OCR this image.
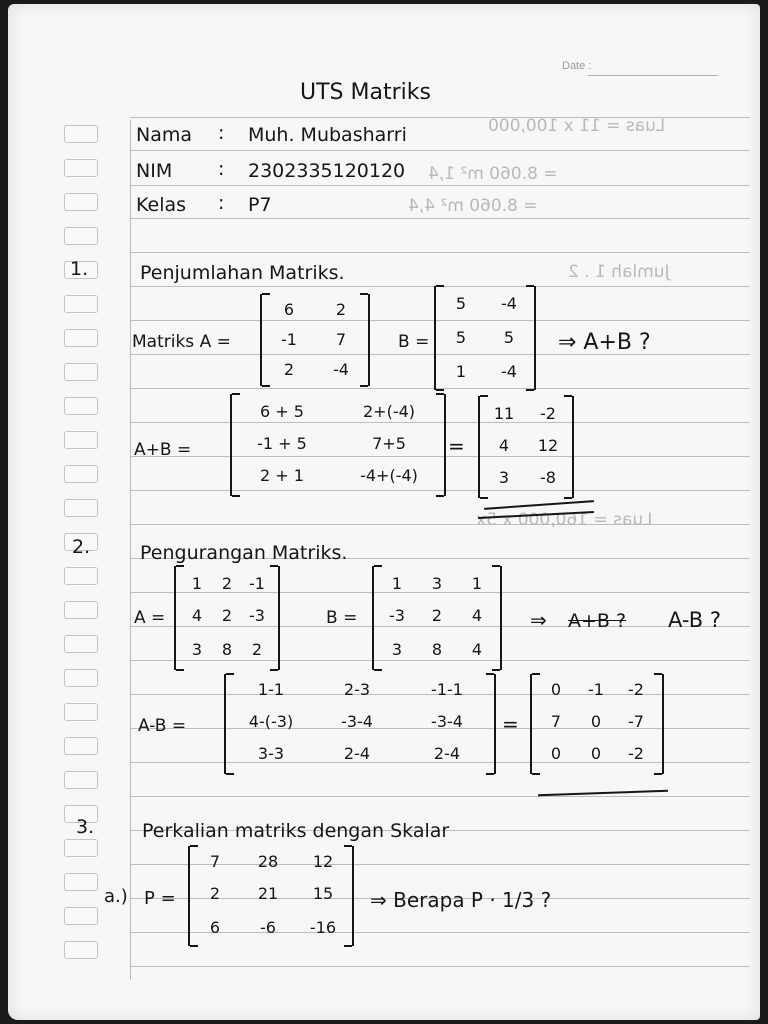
Date :
Luas = 11 x 100,000
= 8.060 m² 1,4
= 8.060 m² 4,4
Jumlah 1 . 2
Luas = 160,000 x 5x
UTS Matriks
Nama : Muh. Mubasharri
NIM : 2302335120120
Kelas : P7
1.	Penjumlahan Matriks.
Matriks A =
6	2
-1	7
2	-4
B =
5	-4
5	5
1	-4
⇒ A+B ?
A+B =
6 + 5	2+(-4)
-1 + 5	7+5
2 + 1	-4+(-4)
=
11	-2
4	12
3	-8
2.	Pengurangan Matriks.
A =
1	2	-1
4	2	-3
3	8	2
B =
1	3	1
-3	2	4
3	8	4
⇒ A+B ? A-B ?
A-B =
1-1	2-3	-1-1
4-(-3)	-3-4	-3-4
3-3	2-4	2-4
=
0	-1	-2
7	0	-7
0	0	-2
3.	Perkalian matriks dengan Skalar
a.) P =
7	28	12
2	21	15
6	-6	-16
⇒ Berapa P · 1/3 ?
